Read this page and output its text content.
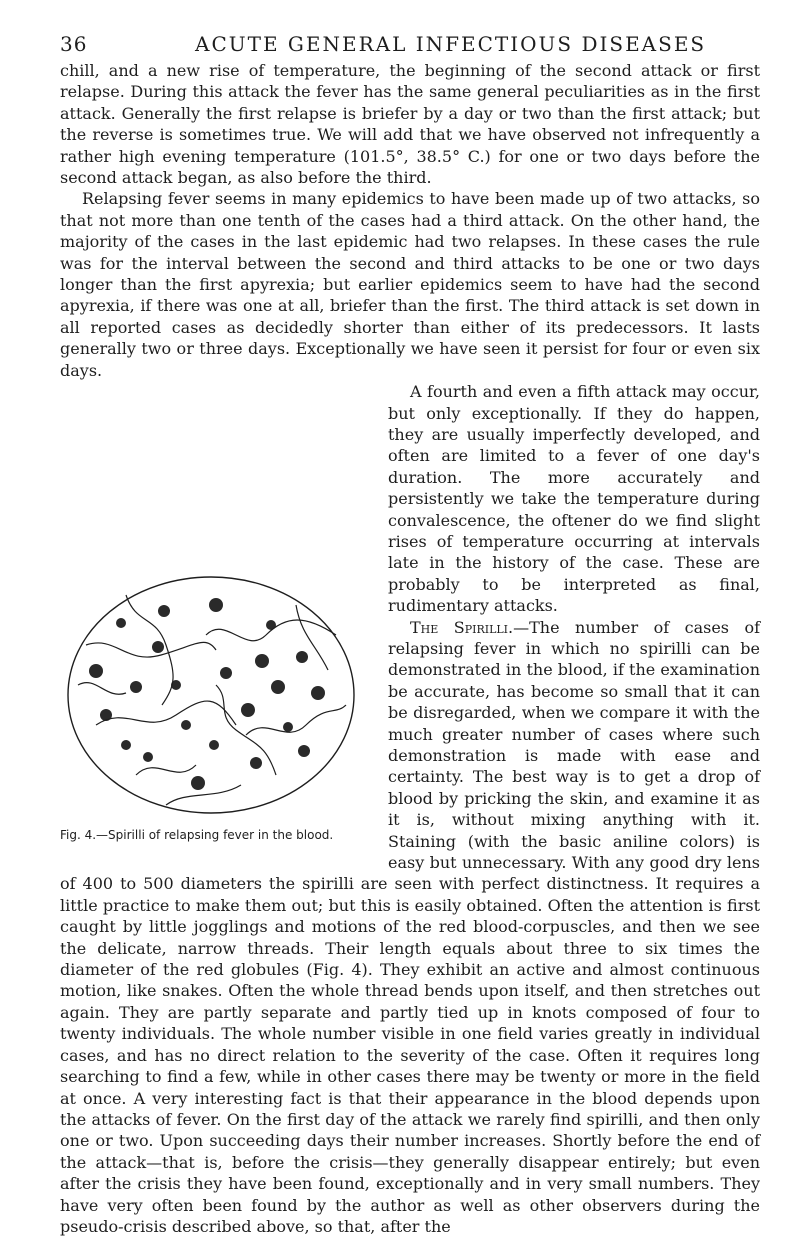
36	ACUTE GENERAL INFECTIOUS DISEASES

chill, and a new rise of temperature, the beginning of the second attack or first relapse. During this attack the fever has the same general peculiarities as in the first attack. Generally the first relapse is briefer by a day or two than the first attack; but the reverse is sometimes true. We will add that we have observed not infrequently a rather high evening temperature (101.5°, 38.5° C.) for one or two days before the second attack began, as also before the third.

Relapsing fever seems in many epidemics to have been made up of two attacks, so that not more than one tenth of the cases had a third attack. On the other hand, the majority of the cases in the last epidemic had two relapses. In these cases the rule was for the interval between the second and third attacks to be one or two days longer than the first apyrexia; but earlier epidemics seem to have had the second apyrexia, if there was one at all, briefer than the first. The third attack is set down in all reported cases as decidedly shorter than either of its predecessors. It lasts generally two or three days. Exceptionally we have seen it persist for four or even six days.

Fig. 4.—Spirilli of relapsing fever in the blood.

A fourth and even a fifth attack may occur, but only exceptionally. If they do happen, they are usually imperfectly developed, and often are limited to a fever of one day's duration. The more accurately and persistently we take the temperature during convalescence, the oftener do we find slight rises of temperature occurring at intervals late in the history of the case. These are probably to be interpreted as final, rudimentary attacks.

The Spirilli.—The number of cases of relapsing fever in which no spirilli can be demonstrated in the blood, if the examination be accurate, has become so small that it can be disregarded, when we compare it with the much greater number of cases where such demonstration is made with ease and certainty. The best way is to get a drop of blood by pricking the skin, and examine it as it is, without mixing anything with it. Staining (with the basic aniline colors) is easy but unnecessary. With any good dry lens of 400 to 500 diameters the spirilli are seen with perfect distinctness. It requires a little practice to make them out; but this is easily obtained. Often the attention is first caught by little jogglings and motions of the red blood-corpuscles, and then we see the delicate, narrow threads. Their length equals about three to six times the diameter of the red globules (Fig. 4). They exhibit an active and almost continuous motion, like snakes. Often the whole thread bends upon itself, and then stretches out again. They are partly separate and partly tied up in knots composed of four to twenty individuals. The whole number visible in one field varies greatly in individual cases, and has no direct relation to the severity of the case. Often it requires long searching to find a few, while in other cases there may be twenty or more in the field at once. A very interesting fact is that their appearance in the blood depends upon the attacks of fever. On the first day of the attack we rarely find spirilli, and then only one or two. Upon succeeding days their number increases. Shortly before the end of the attack—that is, before the crisis—they generally disappear entirely; but even after the crisis they have been found, exceptionally and in very small numbers. They have very often been found by the author as well as other observers during the pseudo-crisis described above, so that, after the
